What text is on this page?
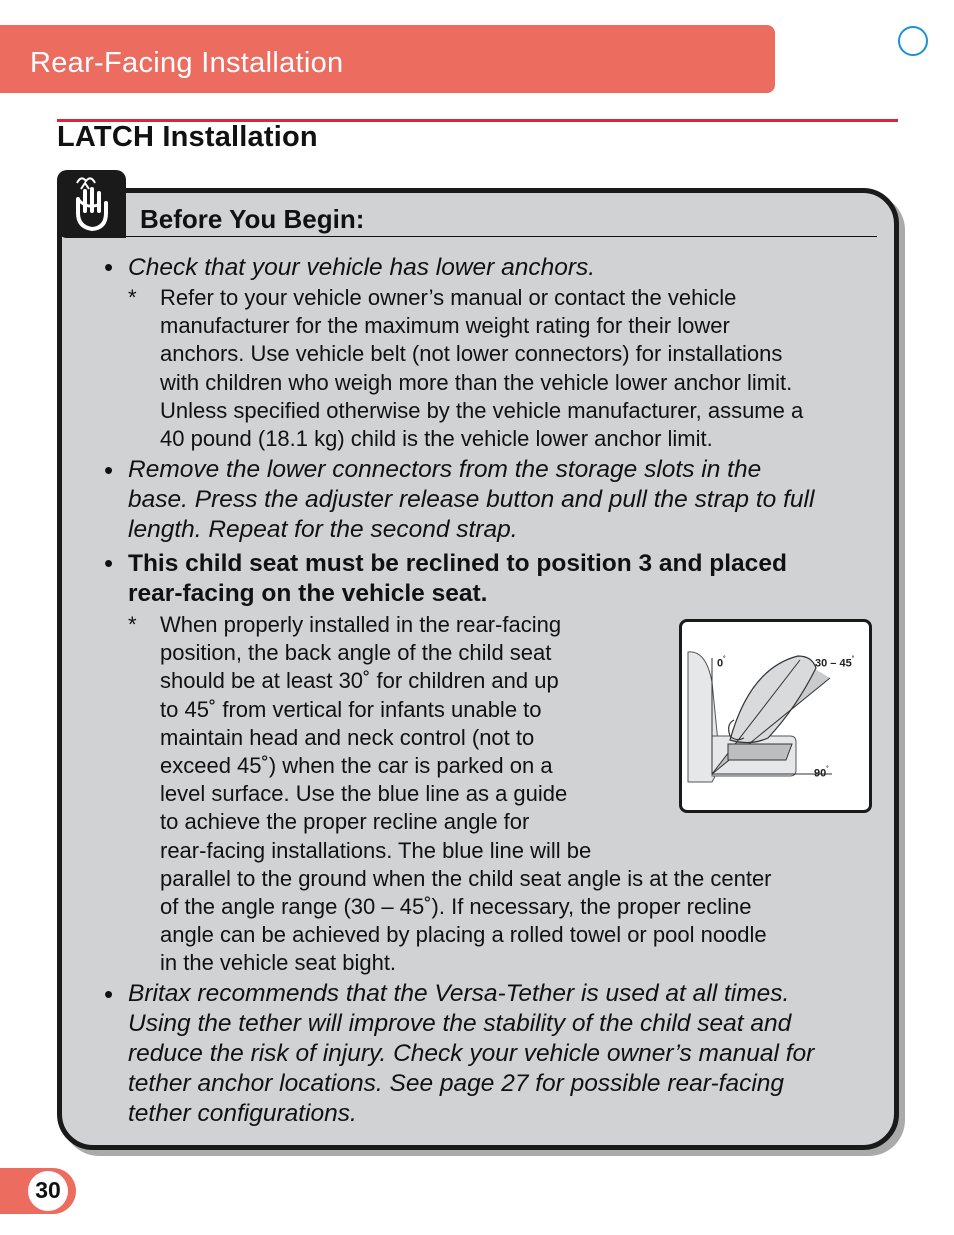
Rear-Facing Installation
LATCH Installation
Before You Begin:
• Check that your vehicle has lower anchors.
* Refer to your vehicle owner’s manual or contact the vehicle
manufacturer for the maximum weight rating for their lower
anchors. Use vehicle belt (not lower connectors) for installations
with children who weigh more than the vehicle lower anchor limit.
Unless specified otherwise by the vehicle manufacturer, assume a
40 pound (18.1 kg) child is the vehicle lower anchor limit.
• Remove the lower connectors from the storage slots in the
base. Press the adjuster release button and pull the strap to full
length. Repeat for the second strap.
• This child seat must be reclined to position 3 and placed
rear-facing on the vehicle seat.
* When properly installed in the rear-facing
position, the back angle of the child seat
should be at least 30˚ for children and up
to 45˚ from vertical for infants unable to
maintain head and neck control (not to
exceed 45˚) when the car is parked on a
level surface. Use the blue line as a guide
to achieve the proper recline angle for
rear-facing installations. The blue line will be
parallel to the ground when the child seat angle is at the center
of the angle range (30 – 45˚). If necessary, the proper recline
angle can be achieved by placing a rolled towel or pool noodle
in the vehicle seat bight.
0˚	30 – 45˚
90˚
• Britax recommends that the Versa-Tether is used at all times.
Using the tether will improve the stability of the child seat and
reduce the risk of injury. Check your vehicle owner’s manual for
tether anchor locations. See page 27 for possible rear-facing
tether configurations.
30
